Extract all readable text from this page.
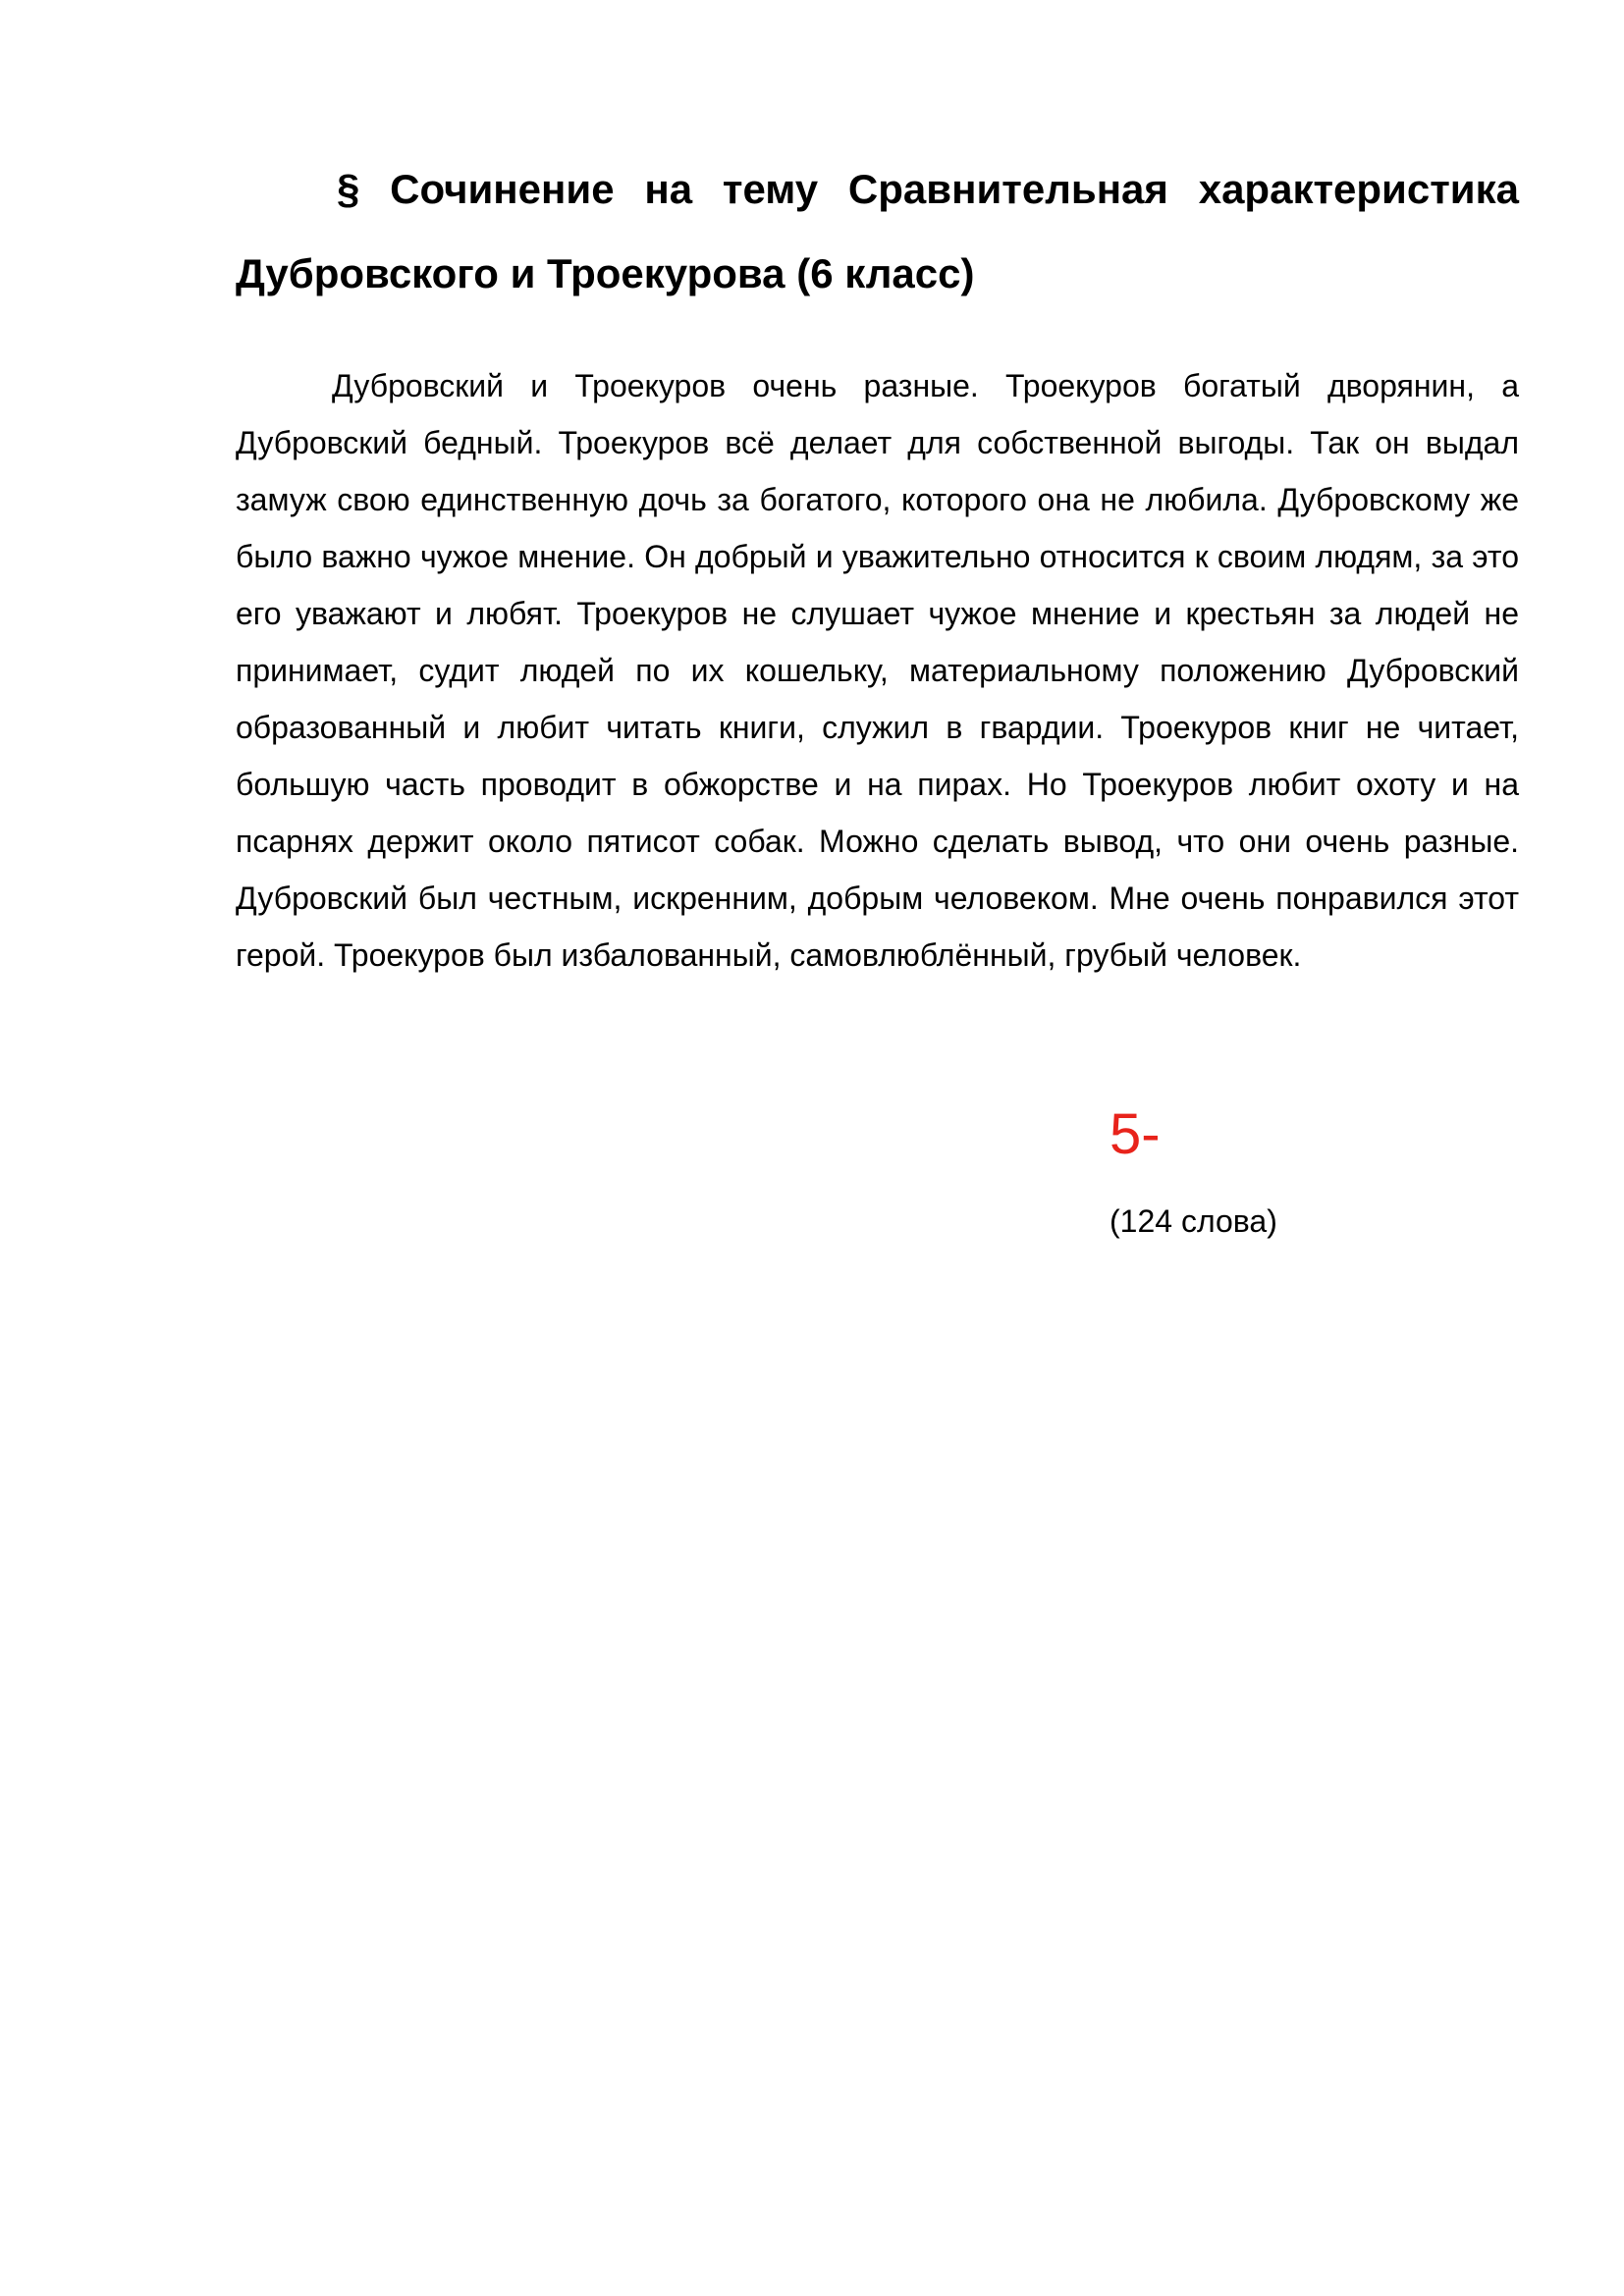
§ Сочинение на тему Сравнительная характеристика Дубровского и Троекурова (6 класс)

Дубровский и Троекуров очень разные. Троекуров богатый дворянин, а Дубровский бедный. Троекуров всё делает для собственной выгоды. Так он выдал замуж свою единственную дочь за богатого, которого она не любила. Дубровскому же было важно чужое мнение. Он добрый и уважительно относится к своим людям, за это его уважают и любят. Троекуров не слушает чужое мнение и крестьян за людей не принимает, судит людей по их кошельку, материальному положению Дубровский образованный и любит читать книги, служил в гвардии. Троекуров книг не читает, большую часть проводит в обжорстве и на пирах. Но Троекуров любит охоту и на псарнях держит около пятисот собак. Можно сделать вывод, что они очень разные. Дубровский был честным, искренним, добрым человеком. Мне очень понравился этот герой. Троекуров был избалованный, самовлюблённый, грубый человек.

5-
(124 слова)
